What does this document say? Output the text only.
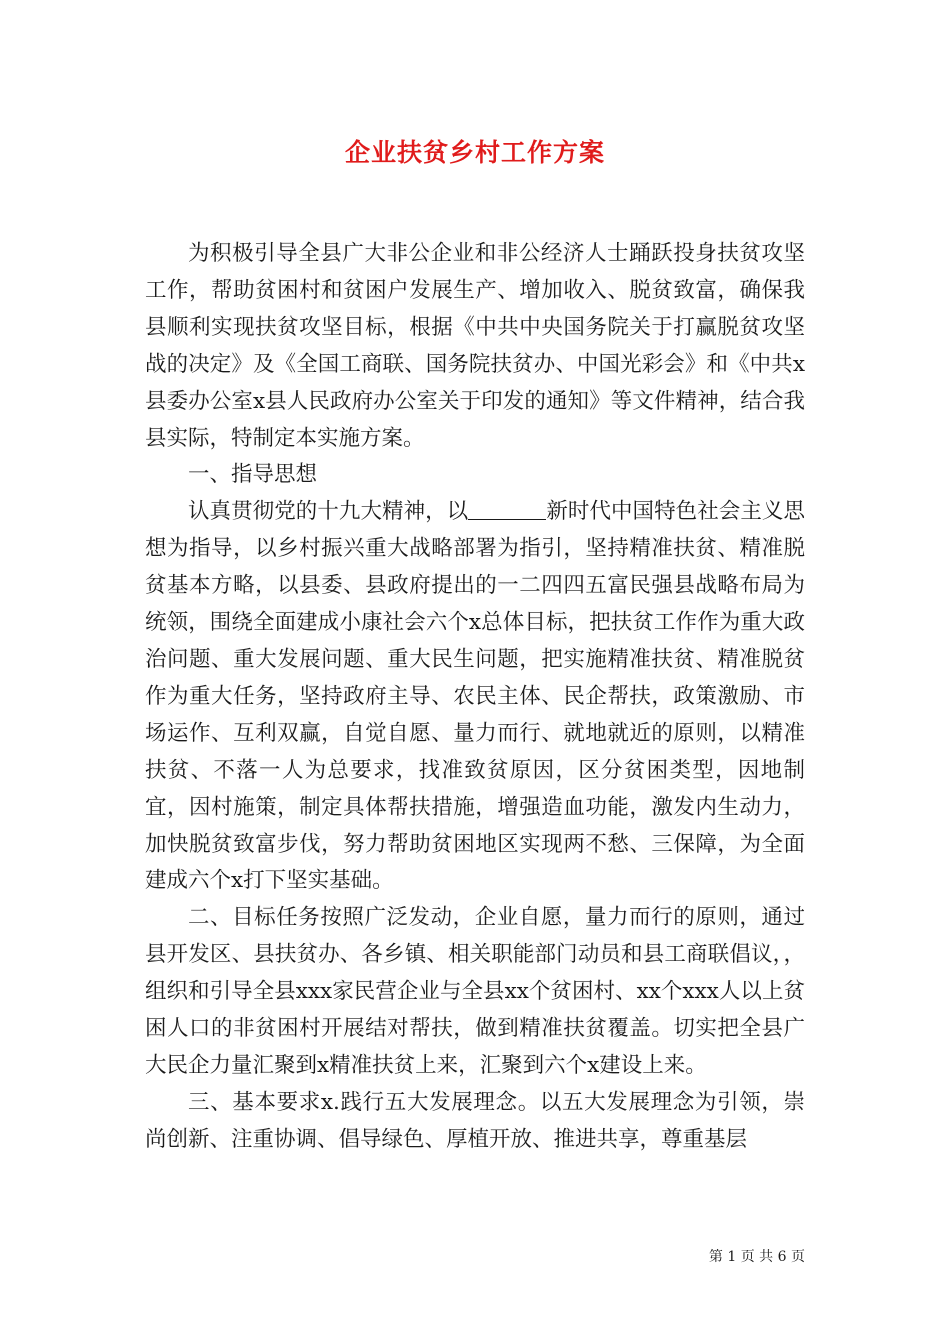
企业扶贫乡村工作方案

为积极引导全县广大非公企业和非公经济人士踊跃投身扶贫攻坚工作，帮助贫困村和贫困户发展生产、增加收入、脱贫致富，确保我县顺利实现扶贫攻坚目标，根据《中共中央国务院关于打赢脱贫攻坚战的决定》及《全国工商联、国务院扶贫办、中国光彩会》和《中共x县委办公室x县人民政府办公室关于印发的通知》等文件精神，结合我县实际，特制定本实施方案。

一、指导思想

认真贯彻党的十九大精神，以	新时代中国特色社会主义思想为指导，以乡村振兴重大战略部署为指引，坚持精准扶贫、精准脱贫基本方略，以县委、县政府提出的一二四四五富民强县战略布局为统领，围绕全面建成小康社会六个x总体目标，把扶贫工作作为重大政治问题、重大发展问题、重大民生问题，把实施精准扶贫、精准脱贫作为重大任务，坚持政府主导、农民主体、民企帮扶，政策激励、市场运作、互利双赢，自觉自愿、量力而行、就地就近的原则，以精准扶贫、不落一人为总要求，找准致贫原因，区分贫困类型，因地制宜，因村施策，制定具体帮扶措施，增强造血功能，激发内生动力，加快脱贫致富步伐，努力帮助贫困地区实现两不愁、三保障，为全面建成六个x打下坚实基础。

二、目标任务按照广泛发动，企业自愿，量力而行的原则，通过县开发区、县扶贫办、各乡镇、相关职能部门动员和县工商联倡议，，组织和引导全县xxx家民营企业与全县xx个贫困村、xx个xxx人以上贫困人口的非贫困村开展结对帮扶，做到精准扶贫覆盖。切实把全县广大民企力量汇聚到x精准扶贫上来，汇聚到六个x建设上来。

三、基本要求x.践行五大发展理念。以五大发展理念为引领，崇尚创新、注重协调、倡导绿色、厚植开放、推进共享，尊重基层

第 1 页 共 6 页
